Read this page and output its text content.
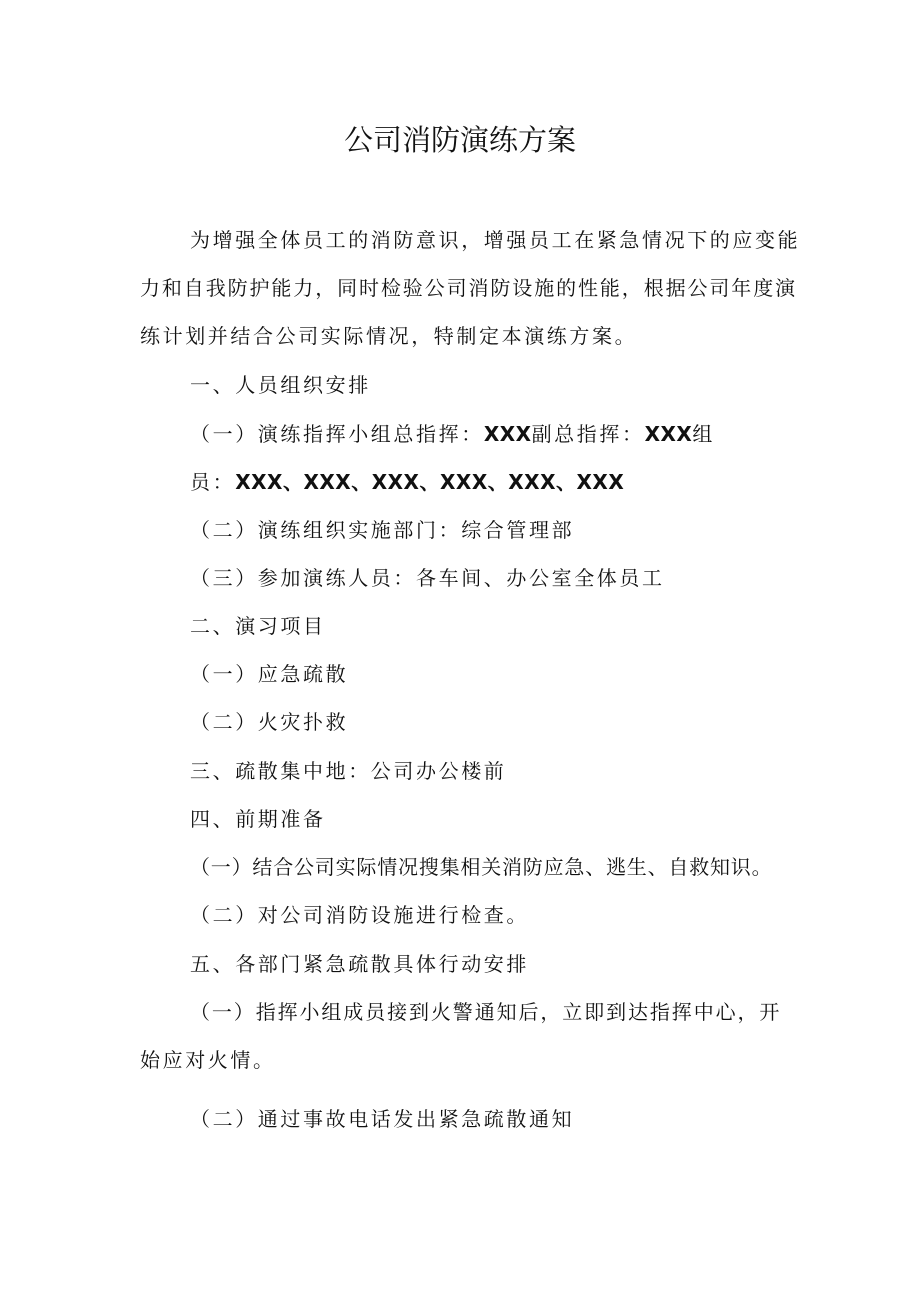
公司消防演练方案
为增强全体员工的消防意识，增强员工在紧急情况下的应变能
力和自我防护能力，同时检验公司消防设施的性能，根据公司年度演
练计划并结合公司实际情况，特制定本演练方案。
一、人员组织安排
（一）演练指挥小组总指挥：XXX副总指挥：XXX组
员：XXX、XXX、XXX、XXX、XXX、XXX
（二）演练组织实施部门：综合管理部
（三）参加演练人员：各车间、办公室全体员工
二、演习项目
（一）应急疏散
（二）火灾扑救
三、疏散集中地：公司办公楼前
四、前期准备
（一）结合公司实际情况搜集相关消防应急、逃生、自救知识。
（二）对公司消防设施进行检查。
五、各部门紧急疏散具体行动安排
（一）指挥小组成员接到火警通知后，立即到达指挥中心，开
始应对火情。
（二）通过事故电话发出紧急疏散通知
